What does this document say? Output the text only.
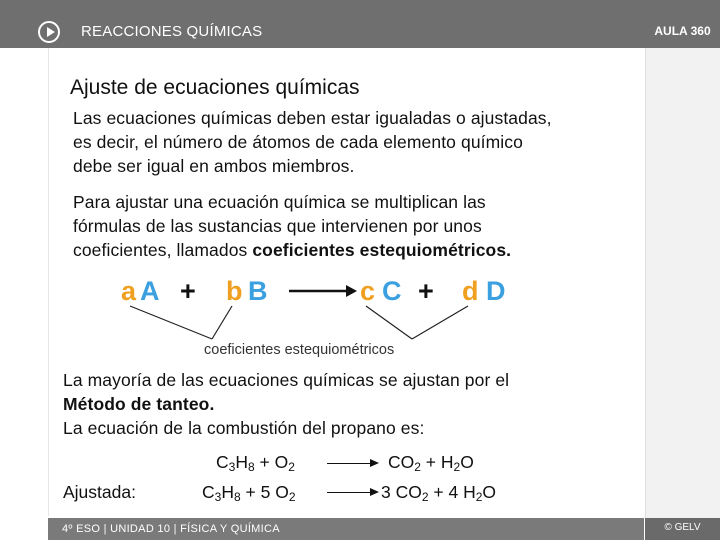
REACCIONES QUÍMICAS	AULA 360
Ajuste de ecuaciones químicas
Las ecuaciones químicas deben estar igualadas o ajustadas,
es decir, el número de átomos de cada elemento químico
debe ser igual en ambos miembros.
Para ajustar una ecuación química se multiplican las
fórmulas de las sustancias que intervienen por unos
coeficientes, llamados coeficientes estequiométricos.
a A + b B	c C + d D
coeficientes estequiométricos
La mayoría de las ecuaciones químicas se ajustan por el
Método de tanteo.
La ecuación de la combustión del propano es:
$C_3H_8 + O_2$	$CO_2 + H_2O$
Ajustada:	$C_3H_8 + 5$ $O_2$	3 $CO_2 + 4$ $H_2O$
4º ESO | UNIDAD 10 | FÍSICA Y QUÍMICA	© GELV
